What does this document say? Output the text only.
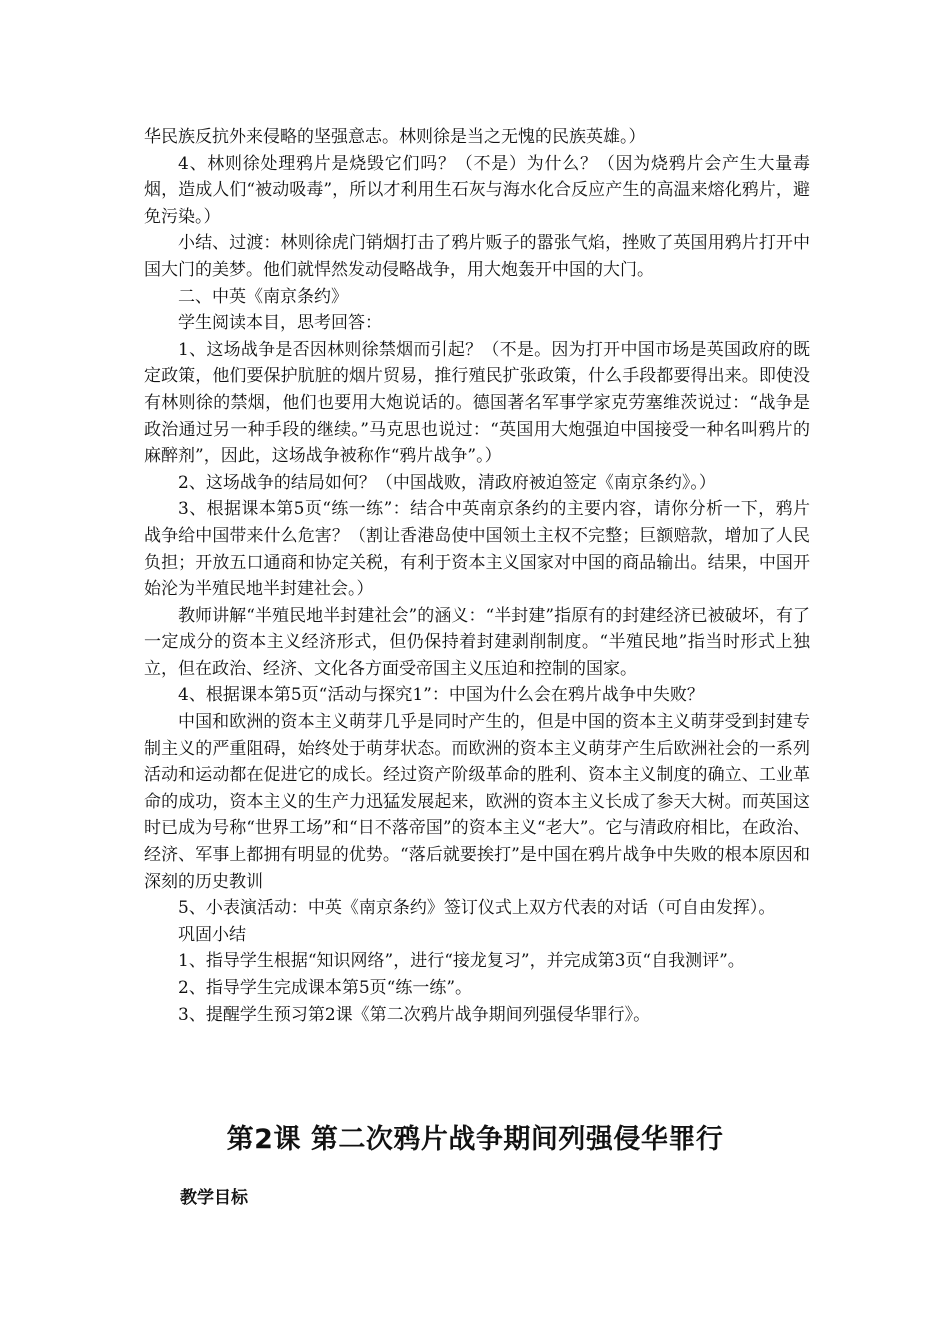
华民族反抗外来侵略的坚强意志。林则徐是当之无愧的民族英雄。）

4、林则徐处理鸦片是烧毁它们吗？（不是）为什么？（因为烧鸦片会产生大量毒烟，造成人们“被动吸毒”，所以才利用生石灰与海水化合反应产生的高温来熔化鸦片，避免污染。）

小结、过渡：林则徐虎门销烟打击了鸦片贩子的嚣张气焰，挫败了英国用鸦片打开中国大门的美梦。他们就悍然发动侵略战争，用大炮轰开中国的大门。

二、中英《南京条约》

学生阅读本目，思考回答：

1、这场战争是否因林则徐禁烟而引起？（不是。因为打开中国市场是英国政府的既定政策，他们要保护肮脏的烟片贸易，推行殖民扩张政策，什么手段都要得出来。即使没有林则徐的禁烟，他们也要用大炮说话的。德国著名军事学家克劳塞维茨说过：“战争是政治通过另一种手段的继续。”马克思也说过：“英国用大炮强迫中国接受一种名叫鸦片的麻醉剂”，因此，这场战争被称作“鸦片战争”。）

2、这场战争的结局如何？（中国战败，清政府被迫签定《南京条约》。）

3、根据课本第5页“练一练”：结合中英南京条约的主要内容，请你分析一下，鸦片战争给中国带来什么危害？（割让香港岛使中国领土主权不完整；巨额赔款，增加了人民负担；开放五口通商和协定关税，有利于资本主义国家对中国的商品输出。结果，中国开始沦为半殖民地半封建社会。）

教师讲解“半殖民地半封建社会”的涵义：“半封建”指原有的封建经济已被破坏，有了一定成分的资本主义经济形式，但仍保持着封建剥削制度。“半殖民地”指当时形式上独立，但在政治、经济、文化各方面受帝国主义压迫和控制的国家。

4、根据课本第5页“活动与探究1”：中国为什么会在鸦片战争中失败？

中国和欧洲的资本主义萌芽几乎是同时产生的，但是中国的资本主义萌芽受到封建专制主义的严重阻碍，始终处于萌芽状态。而欧洲的资本主义萌芽产生后欧洲社会的一系列活动和运动都在促进它的成长。经过资产阶级革命的胜利、资本主义制度的确立、工业革命的成功，资本主义的生产力迅猛发展起来，欧洲的资本主义长成了参天大树。而英国这时已成为号称“世界工场”和“日不落帝国”的资本主义“老大”。它与清政府相比，在政治、经济、军事上都拥有明显的优势。“落后就要挨打”是中国在鸦片战争中失败的根本原因和深刻的历史教训

5、小表演活动：中英《南京条约》签订仪式上双方代表的对话（可自由发挥）。

巩固小结

1、指导学生根据“知识网络”，进行“接龙复习”，并完成第3页“自我测评”。

2、指导学生完成课本第5页“练一练”。

3、提醒学生预习第2课《第二次鸦片战争期间列强侵华罪行》。

第2课 第二次鸦片战争期间列强侵华罪行
教学目标
